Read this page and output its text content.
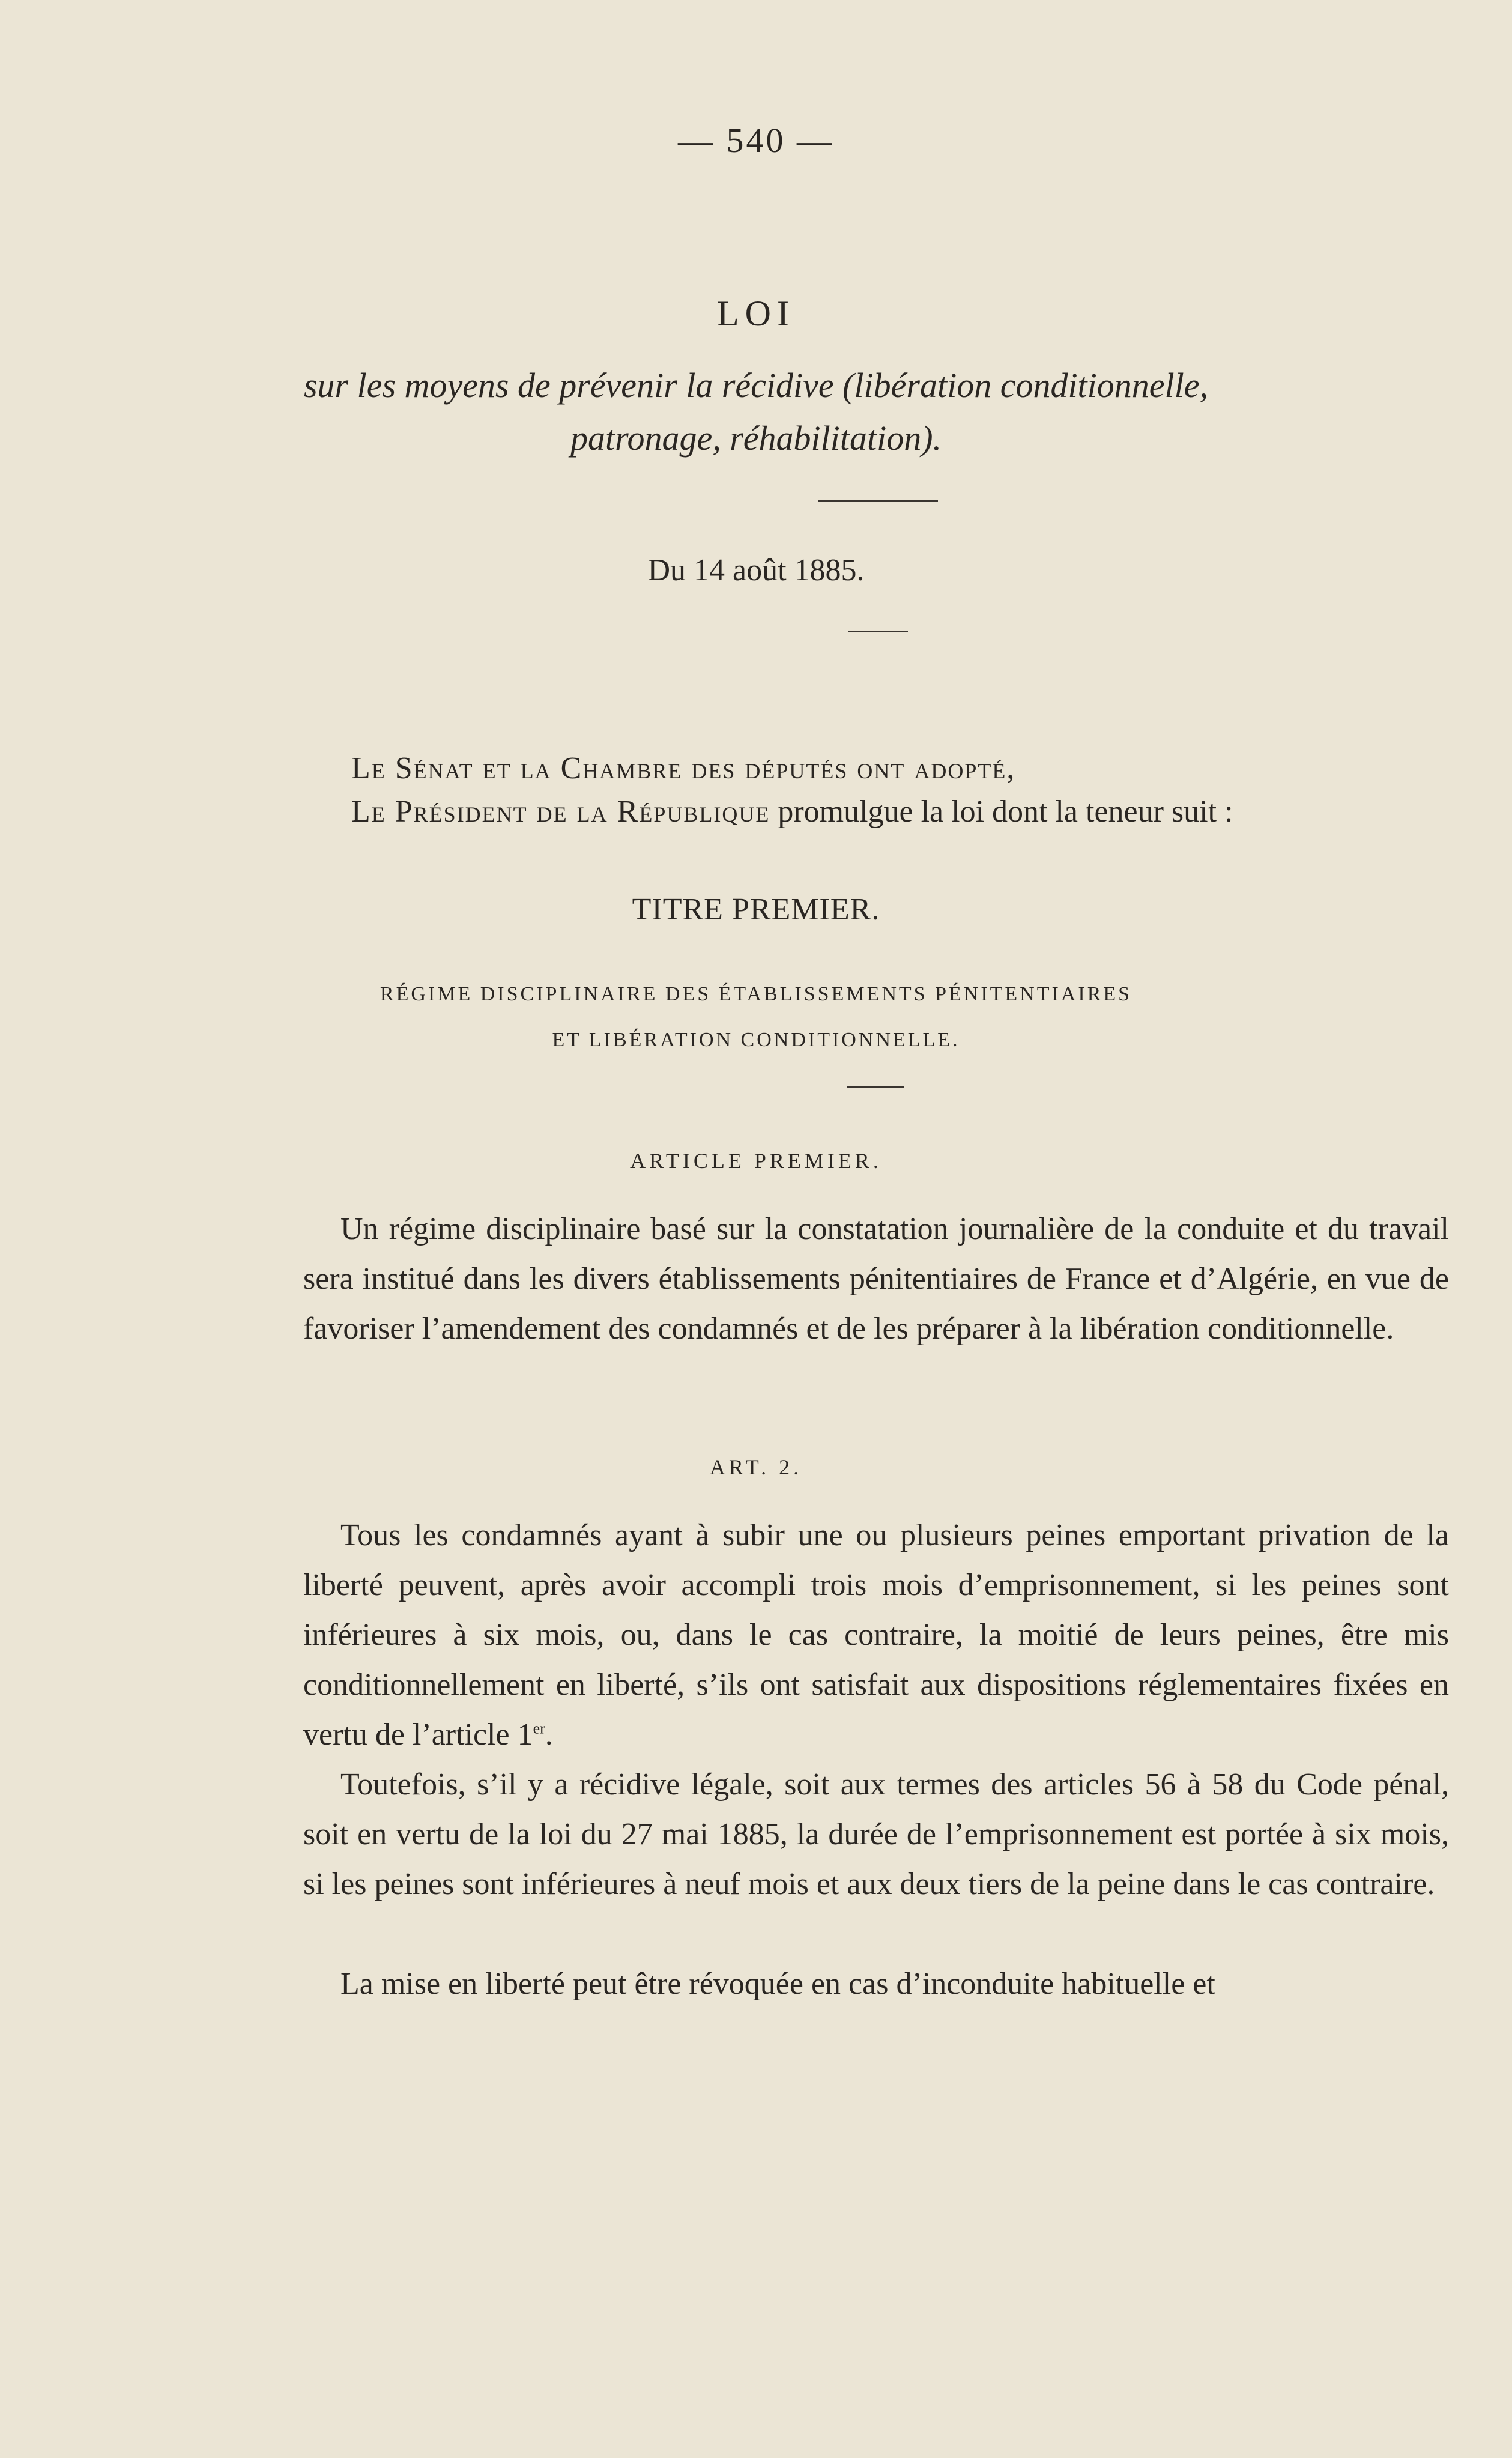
— 540 —
LOI
sur les moyens de prévenir la récidive (libération conditionnelle,
patronage, réhabilitation).
Du 14 août 1885.
Le Sénat et la Chambre des députés ont adopté,
Le Président de la République promulgue la loi dont la teneur suit :
TITRE PREMIER.
RÉGIME DISCIPLINAIRE DES ÉTABLISSEMENTS PÉNITENTIAIRES
ET LIBÉRATION CONDITIONNELLE.
ARTICLE PREMIER.

Un régime disciplinaire basé sur la constatation journalière de la conduite et du travail sera institué dans les divers établissements pénitentiaires de France et d’Algérie, en vue de favoriser l’amendement des condamnés et de les préparer à la libération conditionnelle.

ART. 2.

Tous les condamnés ayant à subir une ou plusieurs peines emportant privation de la liberté peuvent, après avoir accompli trois mois d’emprisonnement, si les peines sont inférieures à six mois, ou, dans le cas contraire, la moitié de leurs peines, être mis conditionnellement en liberté, s’ils ont satisfait aux dispositions réglementaires fixées en vertu de l’article 1er.

Toutefois, s’il y a récidive légale, soit aux termes des articles 56 à 58 du Code pénal, soit en vertu de la loi du 27 mai 1885, la durée de l’emprisonnement est portée à six mois, si les peines sont inférieures à neuf mois et aux deux tiers de la peine dans le cas contraire.

La mise en liberté peut être révoquée en cas d’inconduite habituelle et
